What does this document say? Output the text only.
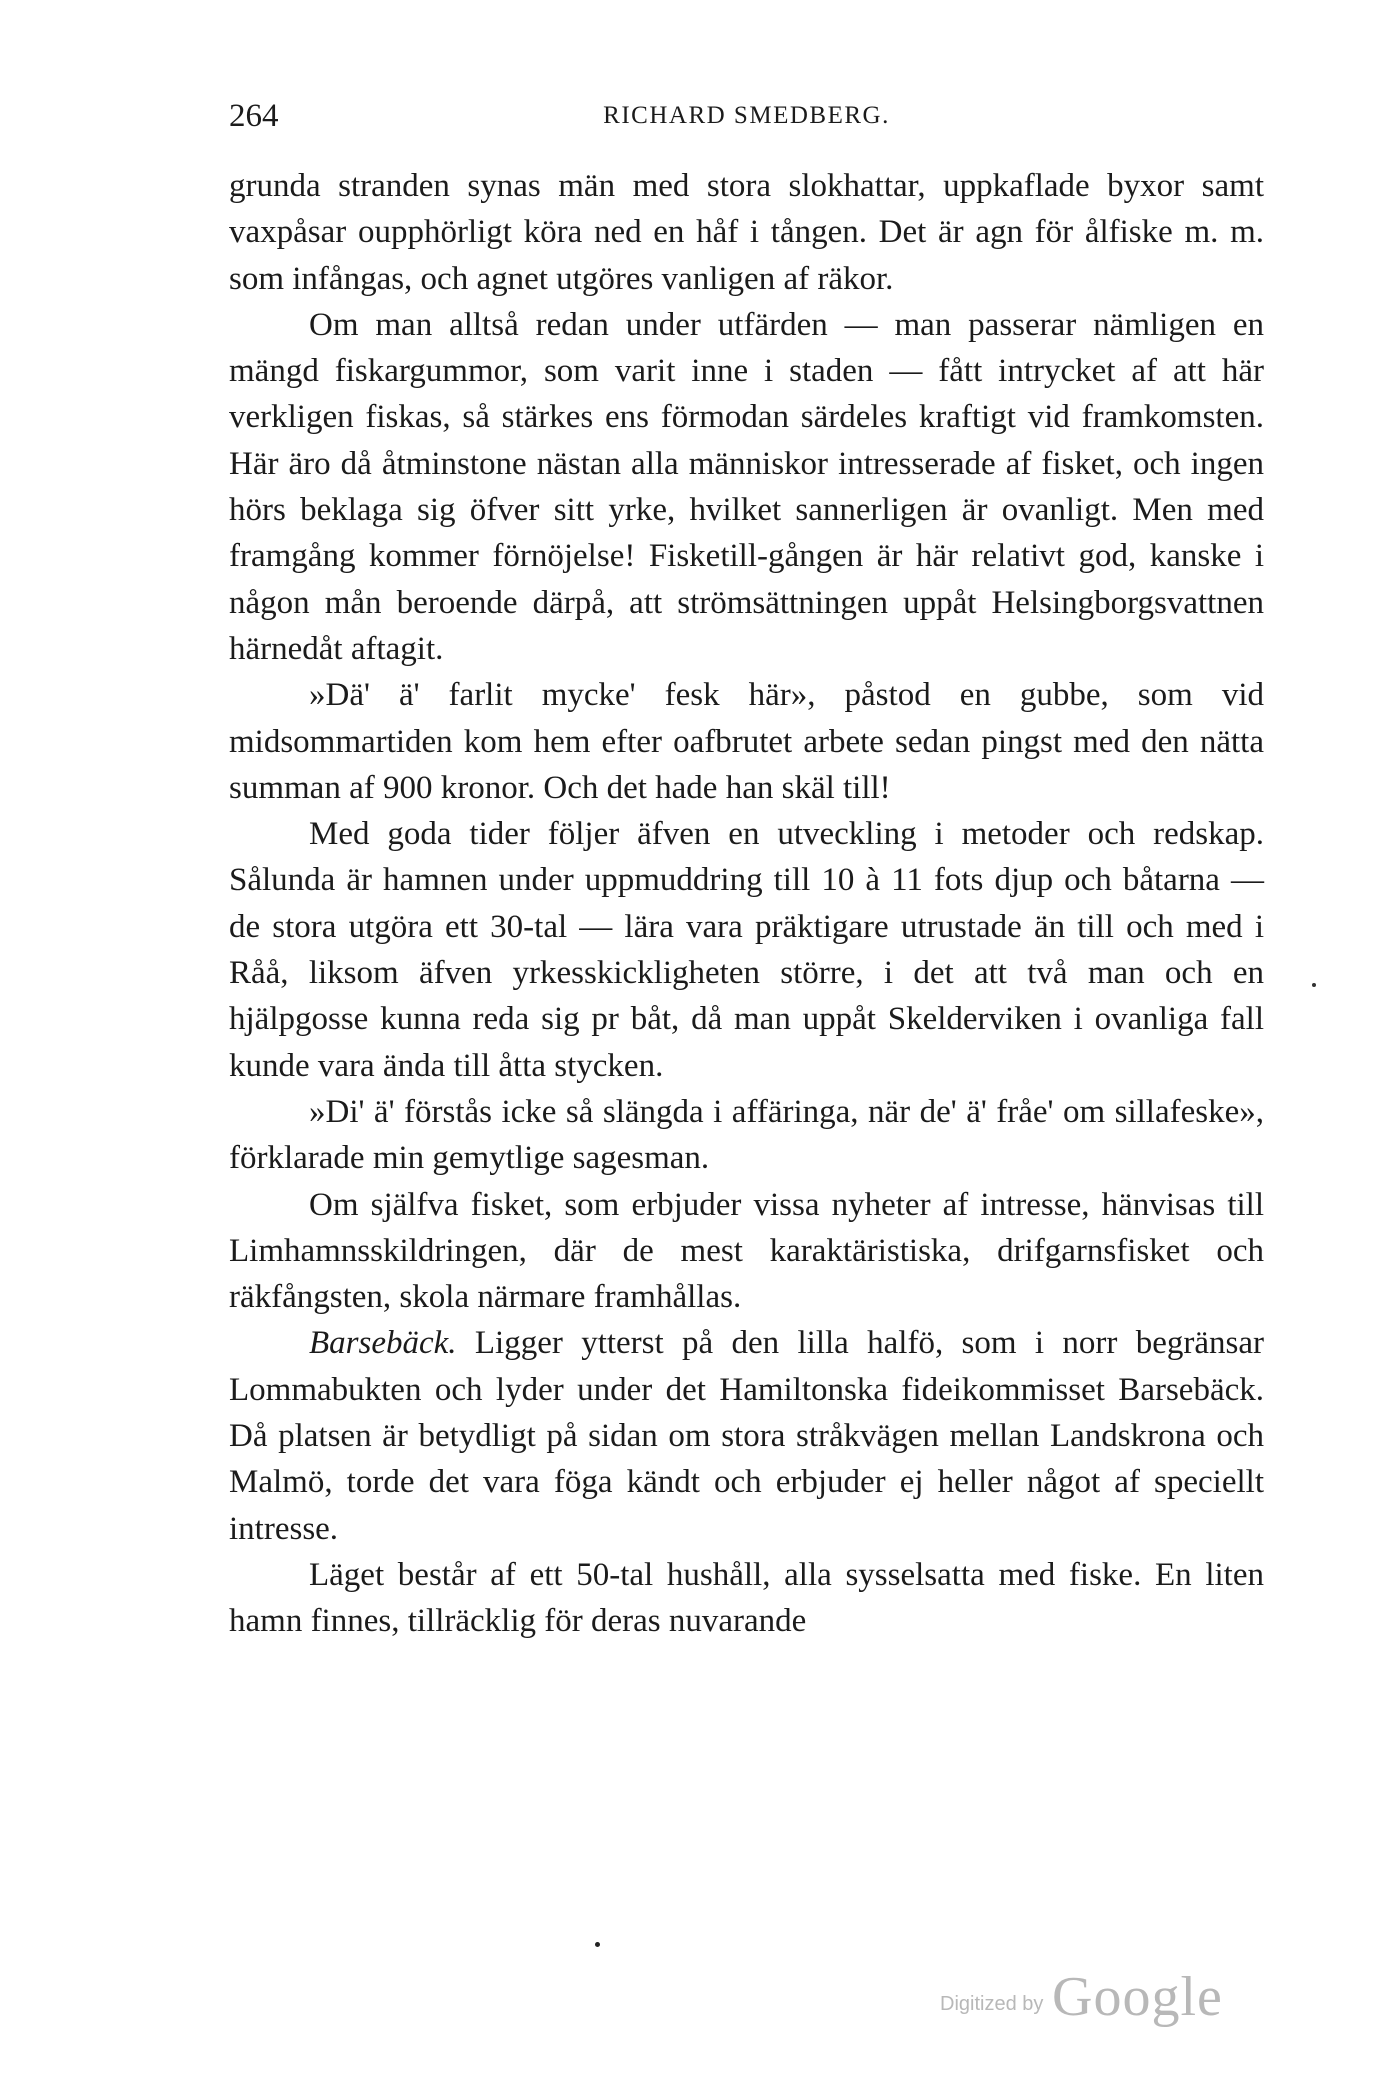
264	RICHARD SMEDBERG.

grunda stranden synas män med stora slokhattar, uppkaflade byxor samt vaxpåsar oupphörligt köra ned en håf i tången. Det är agn för ålfiske m. m. som infångas, och agnet utgöres vanligen af räkor.

Om man alltså redan under utfärden — man passerar nämligen en mängd fiskargummor, som varit inne i staden — fått intrycket af att här verkligen fiskas, så stärkes ens förmodan särdeles kraftigt vid framkomsten. Här äro då åtminstone nästan alla människor intresserade af fisket, och ingen hörs beklaga sig öfver sitt yrke, hvilket sannerligen är ovanligt. Men med framgång kommer förnöjelse! Fisketill-gången är här relativt god, kanske i någon mån beroende därpå, att strömsättningen uppåt Helsingborgsvattnen härnedåt aftagit.

»Dä' ä' farlit mycke' fesk här», påstod en gubbe, som vid midsommartiden kom hem efter oafbrutet arbete sedan pingst med den nätta summan af 900 kronor. Och det hade han skäl till!

Med goda tider följer äfven en utveckling i metoder och redskap. Sålunda är hamnen under uppmuddring till 10 à 11 fots djup och båtarna — de stora utgöra ett 30-tal — lära vara präktigare utrustade än till och med i Råå, liksom äfven yrkesskickligheten större, i det att två man och en hjälpgosse kunna reda sig pr båt, då man uppåt Skelderviken i ovanliga fall kunde vara ända till åtta stycken.

»Di' ä' förstås icke så slängda i affäringa, när de' ä' fråe' om sillafeske», förklarade min gemytlige sagesman.

Om själfva fisket, som erbjuder vissa nyheter af intresse, hänvisas till Limhamnsskildringen, där de mest karaktäristiska, drifgarnsfisket och räkfångsten, skola närmare framhållas.

Barsebäck. Ligger ytterst på den lilla halfö, som i norr begränsar Lommabukten och lyder under det Hamiltonska fideikommisset Barsebäck. Då platsen är betydligt på sidan om stora stråkvägen mellan Landskrona och Malmö, torde det vara föga kändt och erbjuder ej heller något af speciellt intresse.

Läget består af ett 50-tal hushåll, alla sysselsatta med fiske. En liten hamn finnes, tillräcklig för deras nuvarande

Digitized by Google
